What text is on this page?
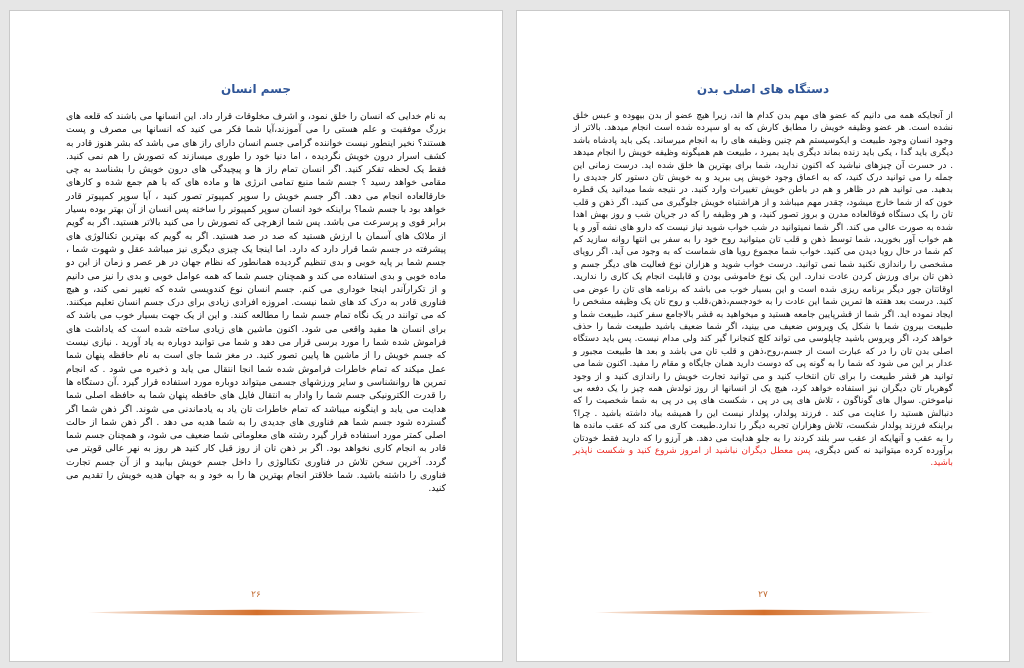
جسم انسان
به نام خدایی که انسان را خلق نمود، و اشرف مخلوقات قرار داد. این انسانها می باشند که قلعه های بزرگ موفقیت و علم هستی را می آموزند،آیا شما فکر می کنید که انسانها بی مصرف و پست هستند؟ نخیر اینطور نیست خواننده گرامی جسم انسان دارای راز های می باشد که بشر هنوز قادر به کشف اسرار درون خویش نگردیده ، اما دنیا خود را طوری میسازند که تصورش را هم نمی کنید. فقط یک لحظه تفکر کنید. اگر انسان تمام راز ها و پیچیدگی های درون خویش را بشناسد به چی مقامی خواهد رسید ؟ جسم شما منبع تمامی انرژی ها و ماده های که با هم جمع شده و کارهای خارقالعاده انجام می دهد. اگر جسم خویش را سوپر کمپیوتر تصور کنید ، آیا سوپر کمپیوتر قادر خواهد بود با جسم شما؟ براینکه خود انسان سوپر کمپیوتر را ساخته پس انسان از آن بهتر بوده بسیار برابر قوی و پرسرعت می باشد. پس شما ازهرچی که تصورش را می کنید بالاتر هستید. اگر به گویم از ملائک های آسمان با ارزش هستید که صد در صد هستید. اگر به گویم که بهترین تکنالوژی های پیشرفته در جسم شما قرار دارد که دارد. اما اینجا یک چیزی دیگری نیز میباشد عقل و شهوت شما ، جسم شما بر پایه خوبی و بدی تنظیم گردیده همانطور که نظام جهان در هر عصر و زمان از این دو ماده خوبی و بدی استفاده می کند و همچنان جسم شما که همه عوامل خوبی و بدی را نیز می دانیم و از تکرارآندر اینجا خوداری می کنم. جسم انسان نوع کندویسی شده که تغییر نمی کند، و هیچ فناوری قادر به درک کد های شما نیست. امروزه افرادی زیادی برای درک جسم انسان تعلیم میکنند. که می توانند در یک نگاه تمام جسم شما را مطالعه کنند. و این از یک جهت بسیار خوب می باشد که برای انسان ها مفید واقعی می شود. اکنون ماشین های زیادی ساخته شده است که یاداشت های فراموش شده شما را مورد برسی قرار می دهد و شما می توانید دوباره به یاد آورید . نیازی نیست که جسم خویش را از ماشین ها پایین تصور کنید. در مغز شما جای است به نام حافظه پنهان شما عمل میکند که تمام خاطرات فراموش شده شما انجا انتقال می یابد و ذخیره می شود . که انجام تمرین ها روانشناسی و سایر ورزشهای جسمی میتواند دوباره مورد استفاده قرار گیرد .آن دستگاه ها را قدرت الکترونیکی جسم شما را وادار به انتقال فایل های حافظه پنهان شما به حافظه اصلی شما هدایت می یابد و اینگونه میباشد که تمام خاطرات تان یاد به یادماندنی می شوند. اگر ذهن شما اگر گسترده شود جسم شما هم فناوری های جدیدی را به شما هدیه می دهد . اگر ذهن شما از حالت اصلی کمتر مورد استفاده قرار گیرد رشته های معلوماتی شما ضعیف می شود، و همچنان جسم شما قادر به انجام کاری نخواهد بود. اگر بر ذهن تان از روز قبل کار کنید هر روز به نهر عالی قویتر می گردد. آخرین سخن تلاش در فناوری تکنالوژی را داخل جسم خویش بیابید و از آن جسم تجارت فناوری را داشته باشید. شما خلاقتر انجام بهترین ها را به خود و به جهان هدیه خویش را تقدیم می کنید.
۲۶
دستگاه های اصلی بدن
از آنجایکه همه می دانیم که عضو های مهم بدن کدام ها اند، زیرا هیچ عضو از بدن بیهوده و عبس خلق نشده است. هر عضو وظیفه خویش را مطابق کارش که به او سپرده شده است انجام میدهد. بالاتر از وجود انسان وجود طبیعت و ایکوسیستم هم چنین وظیفه های را به انجام میرساند. یکی باید پادشاه باشد دیگری باید گدا ، یکی باید زنده بماند دیگری باید بمیرد ، طبیعت هم همیگونه وظیفه خویش را انجام میدهد . در حسرت آن چیزهای نباشید که اکنون ندارید، شما برای بهترین ها خلق شده اید. درست زمانی این جمله را می توانید درک کنید، که به اعماق وجود خویش پی ببرید و به خویش تان دستور کار جدیدی را بدهید. می توانید هم در ظاهر و هم در باطن خویش تغییرات وارد کنید. در نتیجه شما میدانید یک قطره خون که از شما خارج میشود، چقدر مهم میباشد و از هراشتباه خویش جلوگیری می کنید. اگر ذهن و قلب تان را یک دستگاه فوقالعاده مدرن و بروز تصور کنید، و هر وظیفه را که در جریان شب و روز بهش اهدا شده به صورت عالی می کند. اگر شما نمیتوانید در شب خواب شوید نیاز نیست که دارو های نشه آور و یا هم خواب آور بخورید، شما توسط ذهن و قلب تان میتوانید روح خود را به سفر بی انتها روانه سازید کم کم شما در حال رویا دیدن می کنید. خواب شما مجموع رویا های شماست که به وجود می آید. اگر رویای مشخصی را راندازی نکنید شما نمی توانید. درست خواب شوید و هزاران نوع فعالیت های دیگر جسم و ذهن تان برای ورزش کردن عادت ندارد. این یک نوع خاموشی بودن و قابلیت انجام یک کاری را ندارید. اوقاتتان جور دیگر برنامه ریزی شده است و این بسیار خوب می باشد که برنامه های تان را عوض می کنید. درست بعد هفته ها تمرین شما این عادت را به خودجسم،ذهن،قلب و روح تان یک وظیفه مشخص را ایجاد نموده اید. اگر شما از قشرپایین جامعه هستید و میخواهید به قشر بالاجامع سفر کنید، طبیعت شما و طبیعت بیرون شما با شکل یک ویروس ضعیف می بینید، اگر شما ضعیف باشید طبیعت شما را حذف خواهد کرد، اگر ویروس باشید چاپلوسی می تواند کلچ کنجانرا گیر کند ولی مدام نیست. پس باید دستگاه اصلی بدن تان را در که عبارت است از جسم،روح،ذهن و قلب تان می باشد و بعد ها طبیعت مجبور و عدار بر این می شود که شما را به گونه پی که دوست دارید همان جایگاه و مقام را مفید. اکنون شما می توانید هر قشر طبیعت را برای تان انتخاب کنید و می توانید تجارت خویش را راندازی کنید و از وجود گوهربار تان دیگران نیز استفاده خواهد کرد، هیچ یک از انسانها از روز تولدش همه چیز را یک دفعه بی نیاموختن. سوال های گوناگون ، تلاش های پی در پی ، شکست های پی در پی به شما شخصیت را که دنبالش هستید را عنایت می کند . فرزند پولدار، پولدار نیست این را همیشه بیاد داشته باشید . چرا؟ براینکه فرزند پولدار شکست، تلاش وهزاران تجربه دیگر را ندارد.طبیعت کاری می کند که عقب مانده ها را به عقب و آنهایکه از عقب سر بلند کردند را به جلو هدایت می دهد. هر آرزو را که دارید فقط خودتان برآورده کرده میتوانید نه کس دیگری، پس معطل دیگران نباشید از امروز شروع کنید و شکست ناپذیر باشید.
۲۷
